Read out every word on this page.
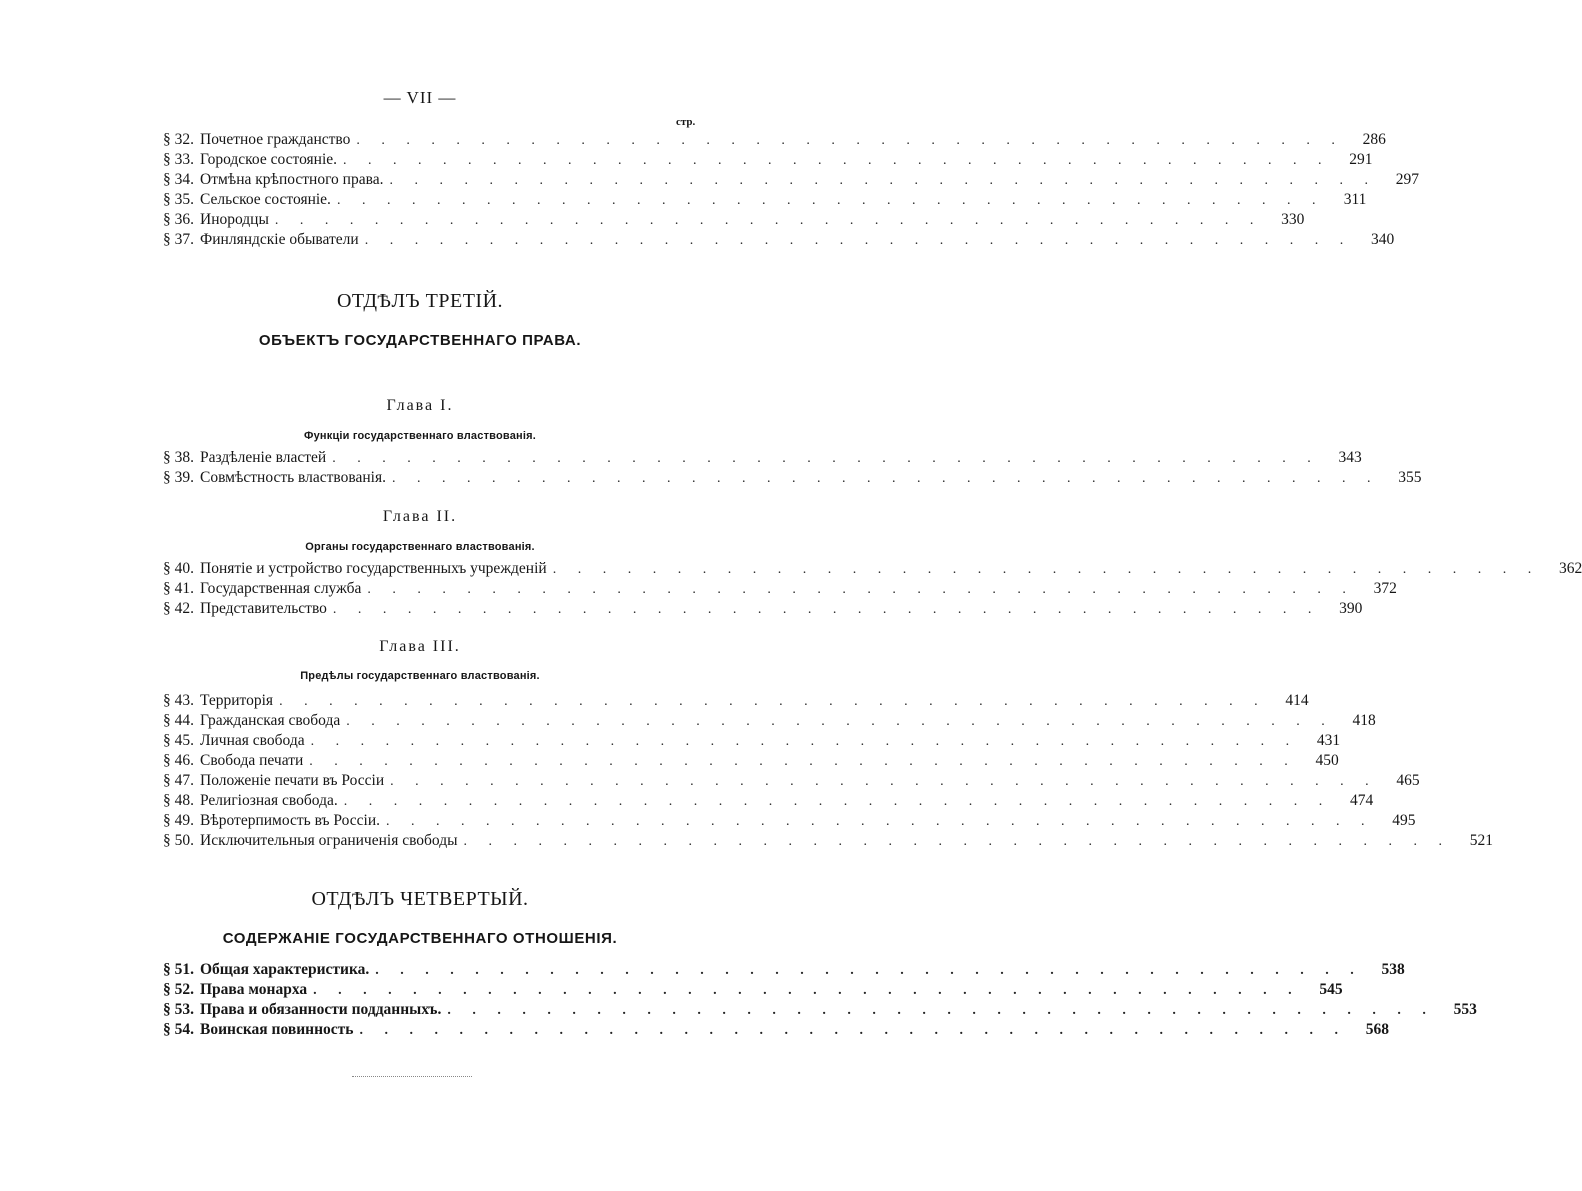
— VII —
стр.
§ 32. Почетное гражданство . . . . . . . . . . . . . . . . . . . . . . . . . . . . . . . . . . . . . . . .	286
§ 33. Городское состоянiе. . . . . . . . . . . . . . . . . . . . . . . . . . . . . . . . . . . . . . . . .	291
§ 34. Отмѣна крѣпостного права. . . . . . . . . . . . . . . . . . . . . . . . . . . . . . . . . . . . . . . . .	297
§ 35. Сельское состоянiе. . . . . . . . . . . . . . . . . . . . . . . . . . . . . . . . . . . . . . . . .	311
§ 36. Инородцы . . . . . . . . . . . . . . . . . . . . . . . . . . . . . . . . . . . . . . . .	330
§ 37. Финляндскiе обыватели . . . . . . . . . . . . . . . . . . . . . . . . . . . . . . . . . . . . . . . .	340
ОТДѢЛЪ ТРЕТІЙ.
ОБЪЕКТЪ ГОСУДАРСТВЕННАГО ПРАВА.
Глава I.
Функцiи государственнаго властвованiя.
§ 38. Раздѣленiе властей . . . . . . . . . . . . . . . . . . . . . . . . . . . . . . . . . . . . . . . .	343
§ 39. Совмѣстность властвованiя. . . . . . . . . . . . . . . . . . . . . . . . . . . . . . . . . . . . . . . . .	355
Глава II.
Органы государственнаго властвованiя.
§ 40. Понятiе и устройство государственныхъ учрежденiй . . . . . . . . . . . . . . . . . . . . . . . . . . . . . . . . . . . . . . . .	362
§ 41. Государственная служба . . . . . . . . . . . . . . . . . . . . . . . . . . . . . . . . . . . . . . . .	372
§ 42. Представительство . . . . . . . . . . . . . . . . . . . . . . . . . . . . . . . . . . . . . . . .	390
Глава III.
Предѣлы государственнаго властвованiя.
§ 43. Территорiя . . . . . . . . . . . . . . . . . . . . . . . . . . . . . . . . . . . . . . . .	414
§ 44. Гражданская свобода . . . . . . . . . . . . . . . . . . . . . . . . . . . . . . . . . . . . . . . .	418
§ 45. Личная свобода . . . . . . . . . . . . . . . . . . . . . . . . . . . . . . . . . . . . . . . .	431
§ 46. Свобода печати . . . . . . . . . . . . . . . . . . . . . . . . . . . . . . . . . . . . . . . .	450
§ 47. Положенiе печати въ Россiи . . . . . . . . . . . . . . . . . . . . . . . . . . . . . . . . . . . . . . . .	465
§ 48. Религiозная свобода. . . . . . . . . . . . . . . . . . . . . . . . . . . . . . . . . . . . . . . . .	474
§ 49. Вѣротерпимость въ Россiи. . . . . . . . . . . . . . . . . . . . . . . . . . . . . . . . . . . . . . . . .	495
§ 50. Исключительныя ограниченiя свободы . . . . . . . . . . . . . . . . . . . . . . . . . . . . . . . . . . . . . . . .	521
ОТДѢЛЪ ЧЕТВЕРТЫЙ.
СОДЕРЖАНІЕ ГОСУДАРСТВЕННАГО ОТНОШЕНІЯ.
§ 51. Общая характеристика. . . . . . . . . . . . . . . . . . . . . . . . . . . . . . . . . . . . . . . . .	538
§ 52. Права монарха . . . . . . . . . . . . . . . . . . . . . . . . . . . . . . . . . . . . . . . .	545
§ 53. Права и обязанности подданныхъ. . . . . . . . . . . . . . . . . . . . . . . . . . . . . . . . . . . . . . . . .	553
§ 54. Воинская повинность . . . . . . . . . . . . . . . . . . . . . . . . . . . . . . . . . . . . . . . .	568
